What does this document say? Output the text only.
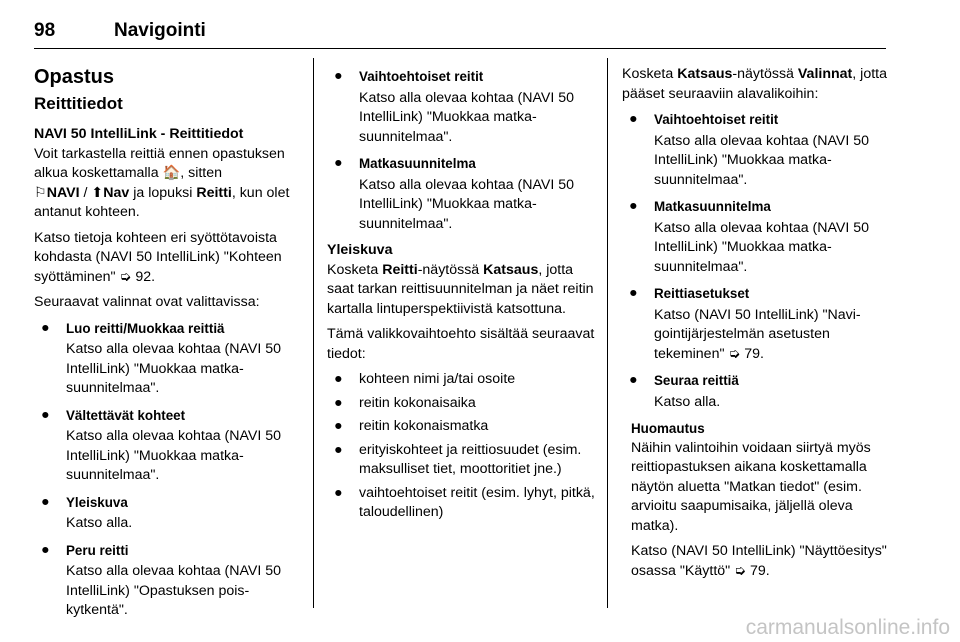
98	Navigointi
Opastus
Reittitiedot
NAVI 50 IntelliLink - Reittitiedot

Voit tarkastella reittiä ennen opastuksen alkua koskettamalla 🏠, sitten
⚐NAVI / ⬆Nav ja lopuksi Reitti, kun olet antanut kohteen.

Katso tietoja kohteen eri syöttötavoista kohdasta (NAVI 50 IntelliLink) "Kohteen syöttäminen" ➭ 92.

Seuraavat valinnat ovat valittavissa:

● Luo reitti/Muokkaa reittiä
Katso alla olevaa kohtaa (NAVI 50 IntelliLink) "Muokkaa matkasuunnitelmaa".
● Vältettävät kohteet
Katso alla olevaa kohtaa (NAVI 50 IntelliLink) "Muokkaa matkasuunnitelmaa".
● Yleiskuva
Katso alla.
● Peru reitti
Katso alla olevaa kohtaa (NAVI 50 IntelliLink) "Opastuksen poiskytkentä".
● Vaihtoehtoiset reitit
Katso alla olevaa kohtaa (NAVI 50 IntelliLink) "Muokkaa matkasuunnitelmaa".
● Matkasuunnitelma
Katso alla olevaa kohtaa (NAVI 50 IntelliLink) "Muokkaa matkasuunnitelmaa".
Yleiskuva

Kosketa Reitti-näytössä Katsaus, jotta saat tarkan reittisuunnitelman ja näet reitin kartalla lintuperspektiivistä katsottuna.

Tämä valikkovaihtoehto sisältää seuraavat tiedot:

● kohteen nimi ja/tai osoite
● reitin kokonaisaika
● reitin kokonaismatka
● erityiskohteet ja reittiosuudet (esim. maksulliset tiet, moottoritiet jne.)
● vaihtoehtoiset reitit (esim. lyhyt, pitkä, taloudellinen)

Kosketa Katsaus-näytössä Valinnat, jotta pääset seuraaviin alavalikoihin:

● Vaihtoehtoiset reitit
Katso alla olevaa kohtaa (NAVI 50 IntelliLink) "Muokkaa matkasuunnitelmaa".
● Matkasuunnitelma
Katso alla olevaa kohtaa (NAVI 50 IntelliLink) "Muokkaa matkasuunnitelmaa".
● Reittiasetukset
Katso (NAVI 50 IntelliLink) "Navigointijärjestelmän asetusten tekeminen" ➭ 79.
● Seuraa reittiä
Katso alla.
Huomautus

Näihin valintoihin voidaan siirtyä myös reittiopastuksen aikana koskettamalla näytön aluetta "Matkan tiedot" (esim. arvioitu saapumisaika, jäljellä oleva matka).

Katso (NAVI 50 IntelliLink) "Näyttöesitys" osassa "Käyttö" ➭ 79.

carmanualsonline.info
